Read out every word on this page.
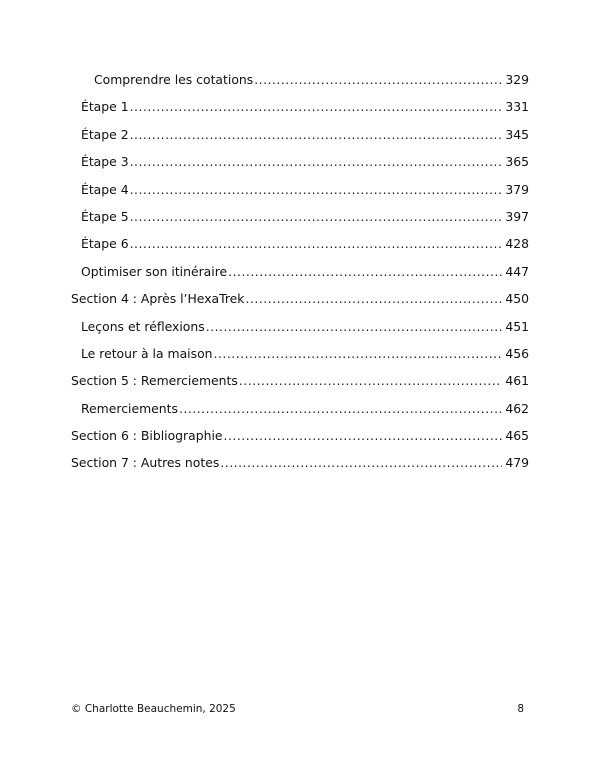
Comprendre les cotations .....	329
Étape 1 .....	331
Étape 2 .....	345
Étape 3 .....	365
Étape 4 .....	379
Étape 5 .....	397
Étape 6 .....	428
Optimiser son itinéraire .....	447
Section 4 : Après l’HexaTrek .....	450
Leçons et réflexions .....	451
Le retour à la maison .....	456
Section 5 : Remerciements .....	461
Remerciements .....	462
Section 6 : Bibliographie .....	465
Section 7 : Autres notes .....	479
© Charlotte Beauchemin, 2025	8
